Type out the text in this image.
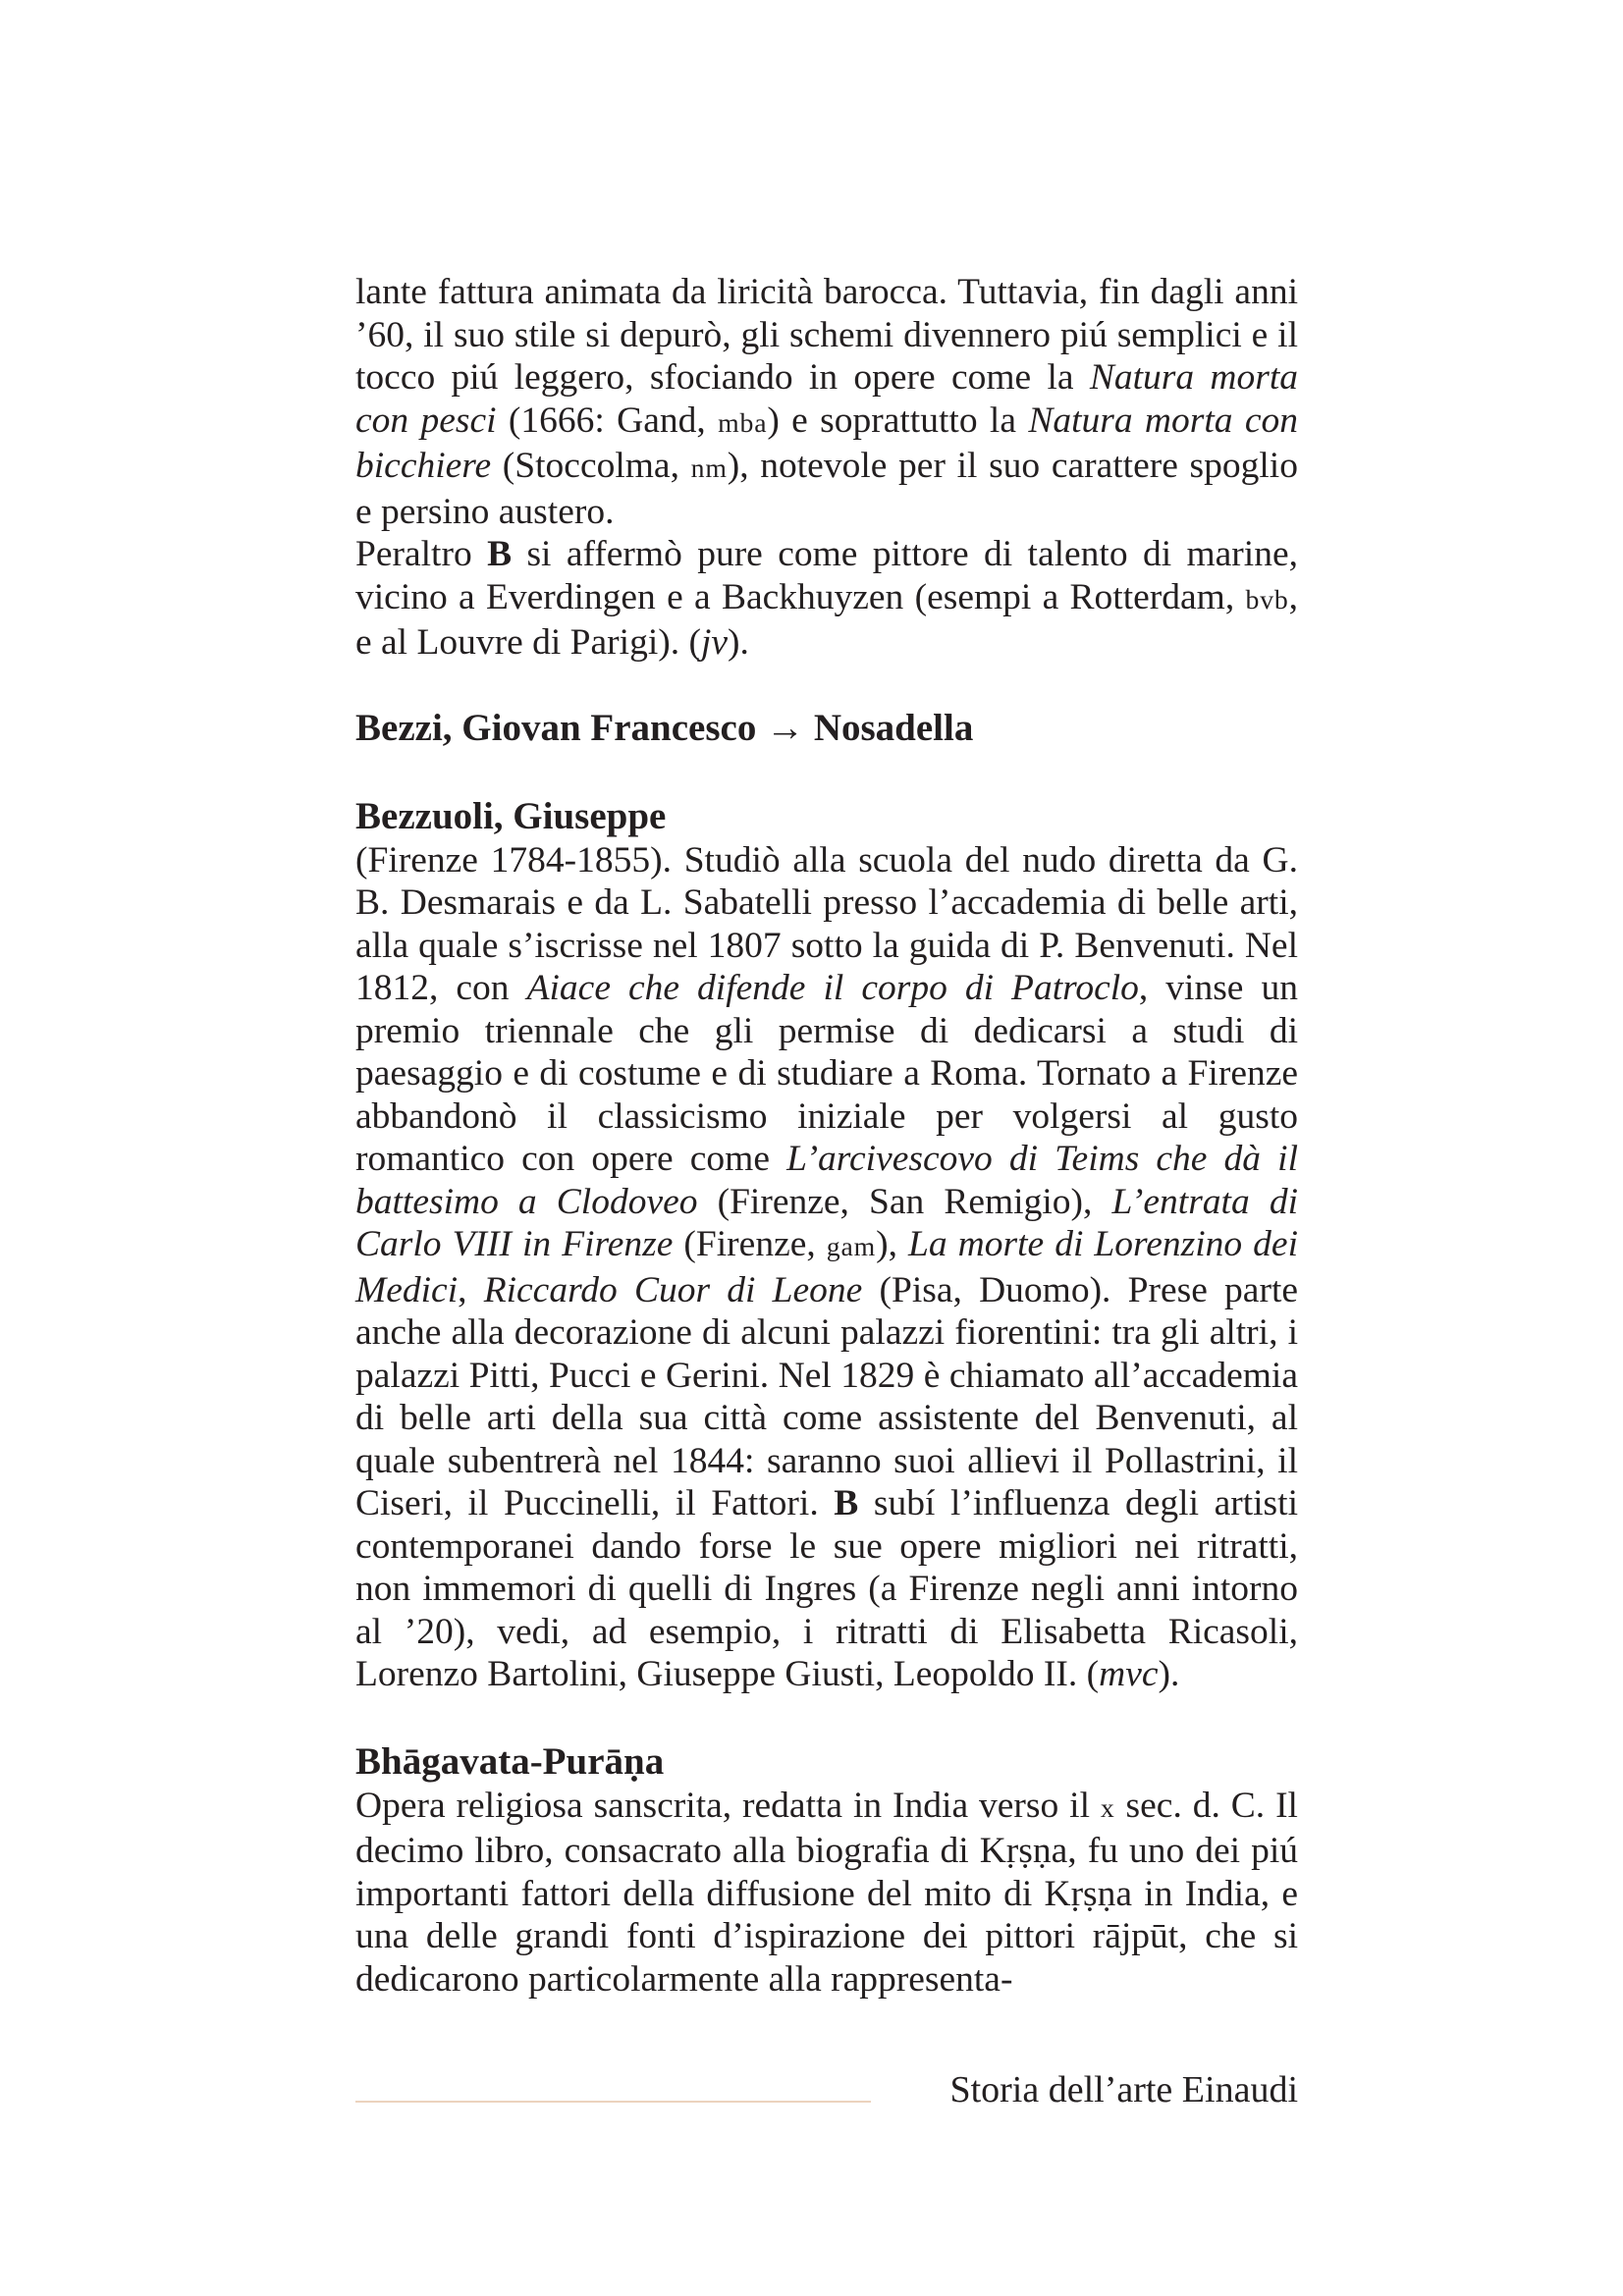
lante fattura animata da liricità barocca. Tuttavia, fin dagli anni ’60, il suo stile si depurò, gli schemi divennero piú semplici e il tocco piú leggero, sfociando in opere come la Natura morta con pesci (1666: Gand, mba) e soprattutto la Natura morta con bicchiere (Stoccolma, nm), notevole per il suo carattere spoglio e persino austero.

Peraltro B si affermò pure come pittore di talento di marine, vicino a Everdingen e a Backhuyzen (esempi a Rotterdam, bvb, e al Louvre di Parigi). (jv).

Bezzi, Giovan Francesco → Nosadella
Bezzuoli, Giuseppe

(Firenze 1784-1855). Studiò alla scuola del nudo diretta da G. B. Desmarais e da L. Sabatelli presso l’accademia di belle arti, alla quale s’iscrisse nel 1807 sotto la guida di P. Benvenuti. Nel 1812, con Aiace che difende il corpo di Patroclo, vinse un premio triennale che gli permise di dedicarsi a studi di paesaggio e di costume e di studiare a Roma. Tornato a Firenze abbandonò il classicismo iniziale per volgersi al gusto romantico con opere come L’arcivescovo di Teims che dà il battesimo a Clodoveo (Firenze, San Remigio), L’entrata di Carlo VIII in Firenze (Firenze, gam), La morte di Lorenzino dei Medici, Riccardo Cuor di Leone (Pisa, Duomo). Prese parte anche alla decorazione di alcuni palazzi fiorentini: tra gli altri, i palazzi Pitti, Pucci e Gerini. Nel 1829 è chiamato all’accademia di belle arti della sua città come assistente del Benvenuti, al quale subentrerà nel 1844: saranno suoi allievi il Pollastrini, il Ciseri, il Puccinelli, il Fattori. B subí l’influenza degli artisti contemporanei dando forse le sue opere migliori nei ritratti, non immemori di quelli di Ingres (a Firenze negli anni intorno al ’20), vedi, ad esempio, i ritratti di Elisabetta Ricasoli, Lorenzo Bartolini, Giuseppe Giusti, Leopoldo II. (mvc).

Bhāgavata-Purāṇa

Opera religiosa sanscrita, redatta in India verso il x sec. d. C. Il decimo libro, consacrato alla biografia di Kṛṣṇa, fu uno dei piú importanti fattori della diffusione del mito di Kṛṣṇa in India, e una delle grandi fonti d’ispirazione dei pittori rājpūt, che si dedicarono particolarmente alla rappresenta-

Storia dell’arte Einaudi
